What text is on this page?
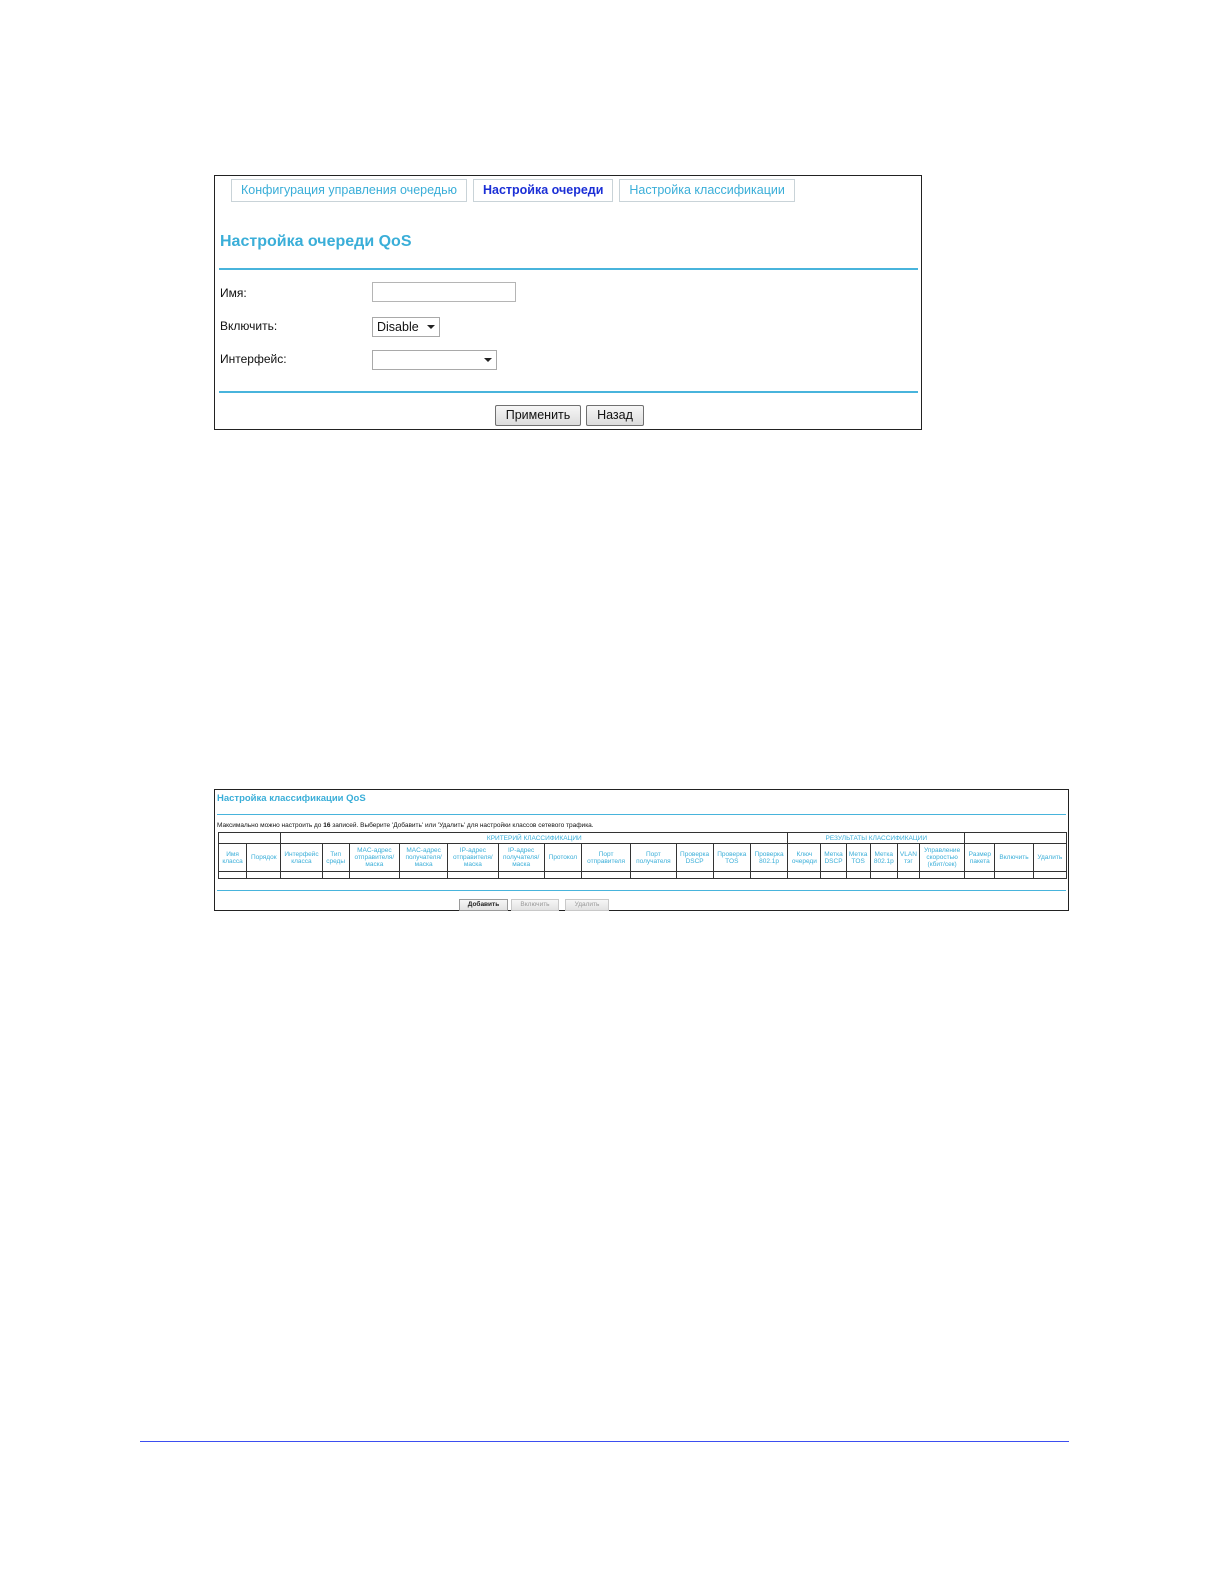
Конфигурация управления очередью	Настройка очереди	Настройка классификации
Настройка очереди QoS
Имя:
Включить:	Disable
Интерфейс:
Применить	Назад
Настройка классификации QoS
Максимально можно настроить до 16 записей. Выберите 'Добавить' или 'Удалить' для настройки классов сетевого трафика.
		КРИТЕРИЙ КЛАССИФИКАЦИИ												РЕЗУЛЬТАТЫ КЛАССИФИКАЦИИ								
Имя класса	Порядок	Интерфейс класса	Тип среды	MAC-адрес отправителя/ маска	MAC-адрес получателя/ маска	IP-адрес отправителя/ маска	IP-адрес получателя/ маска	Протокол	Порт отправителя	Порт получателя	Проверка DSCP	Проверка TOS	Проверка 802.1p	Ключ очереди	Метка DSCP	Метка TOS	Метка 802.1p	VLAN тэг	Управление скоростью (кбит/сек)	Размер пакета	Включить	Удалить

Добавить	Включить	Удалить
